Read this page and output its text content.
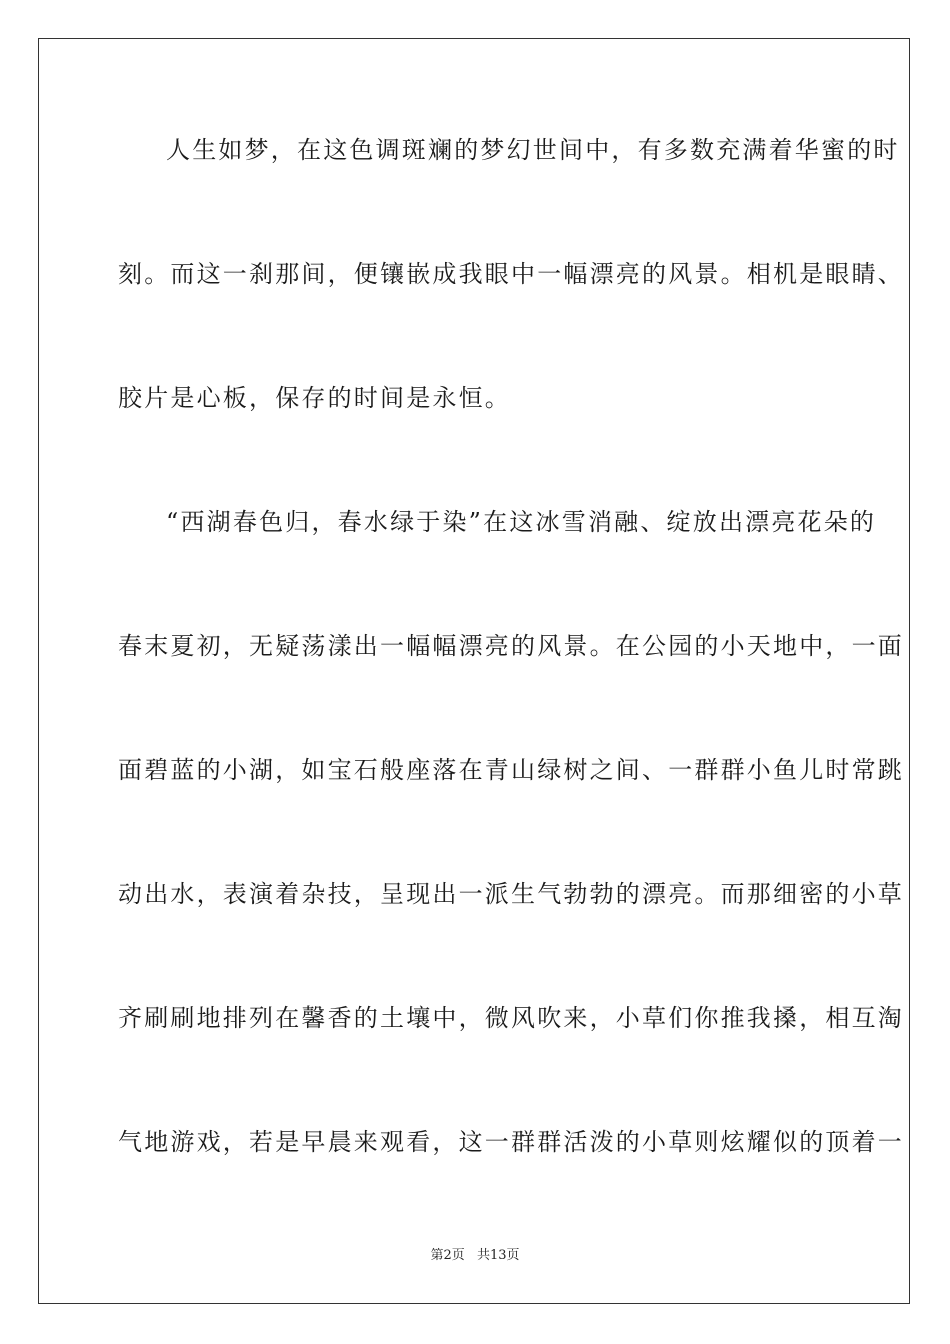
人生如梦，在这色调斑斓的梦幻世间中，有多数充满着华蜜的时
刻。而这一刹那间，便镶嵌成我眼中一幅漂亮的风景。相机是眼睛、
胶片是心板，保存的时间是永恒。
“西湖春色归，春水绿于染”在这冰雪消融、绽放出漂亮花朵的
春末夏初，无疑荡漾出一幅幅漂亮的风景。在公园的小天地中，一面
面碧蓝的小湖，如宝石般座落在青山绿树之间、一群群小鱼儿时常跳
动出水，表演着杂技，呈现出一派生气勃勃的漂亮。而那细密的小草
齐刷刷地排列在馨香的土壤中，微风吹来，小草们你推我搡，相互淘
气地游戏，若是早晨来观看，这一群群活泼的小草则炫耀似的顶着一
第2页 共13页
